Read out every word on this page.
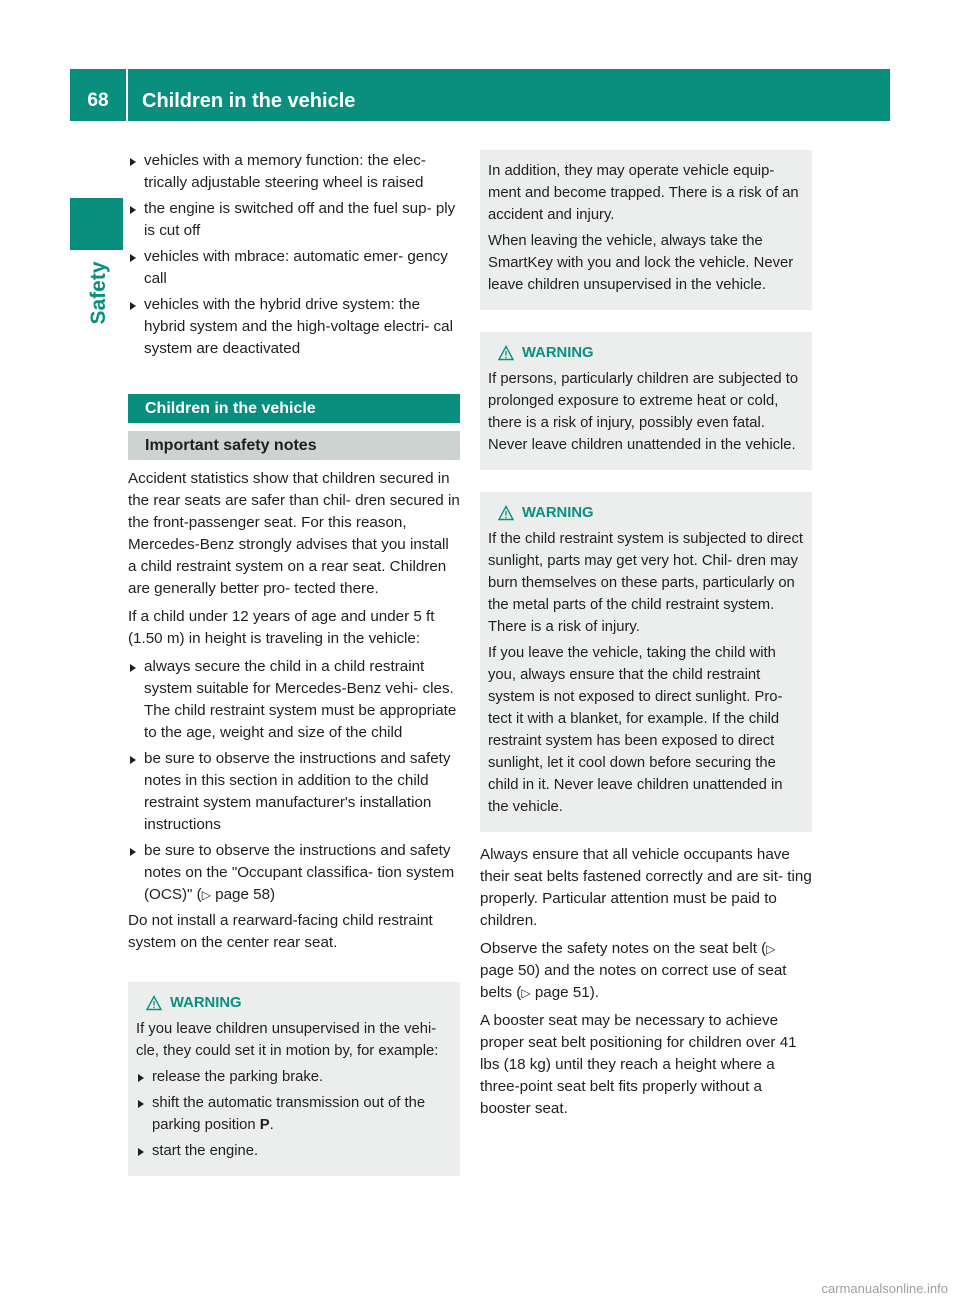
68	Children in the vehicle
Safety
vehicles with a memory function: the elec- trically adjustable steering wheel is raised
the engine is switched off and the fuel sup- ply is cut off
vehicles with mbrace: automatic emer- gency call
vehicles with the hybrid drive system: the hybrid system and the high-voltage electri- cal system are deactivated
Children in the vehicle
Important safety notes

Accident statistics show that children secured in the rear seats are safer than chil- dren secured in the front-passenger seat. For this reason, Mercedes-Benz strongly advises that you install a child restraint system on a rear seat. Children are generally better pro- tected there.

If a child under 12 years of age and under 5 ft (1.50 m) in height is traveling in the vehicle:

always secure the child in a child restraint system suitable for Mercedes-Benz vehi- cles. The child restraint system must be appropriate to the age, weight and size of the child
be sure to observe the instructions and safety notes in this section in addition to the child restraint system manufacturer's installation instructions
be sure to observe the instructions and safety notes on the "Occupant classifica- tion system (OCS)" (▷ page 58)

Do not install a rearward-facing child restraint system on the center rear seat.

WARNING

If you leave children unsupervised in the vehi- cle, they could set it in motion by, for example:

release the parking brake.
shift the automatic transmission out of the parking position P.
start the engine.

In addition, they may operate vehicle equip- ment and become trapped. There is a risk of an accident and injury.

When leaving the vehicle, always take the SmartKey with you and lock the vehicle. Never leave children unsupervised in the vehicle.

WARNING

If persons, particularly children are subjected to prolonged exposure to extreme heat or cold, there is a risk of injury, possibly even fatal. Never leave children unattended in the vehicle.

WARNING

If the child restraint system is subjected to direct sunlight, parts may get very hot. Chil- dren may burn themselves on these parts, particularly on the metal parts of the child restraint system. There is a risk of injury.

If you leave the vehicle, taking the child with you, always ensure that the child restraint system is not exposed to direct sunlight. Pro- tect it with a blanket, for example. If the child restraint system has been exposed to direct sunlight, let it cool down before securing the child in it. Never leave children unattended in the vehicle.

Always ensure that all vehicle occupants have their seat belts fastened correctly and are sit- ting properly. Particular attention must be paid to children.

Observe the safety notes on the seat belt (▷ page 50) and the notes on correct use of seat belts (▷ page 51).

A booster seat may be necessary to achieve proper seat belt positioning for children over 41 lbs (18 kg) until they reach a height where a three-point seat belt fits properly without a booster seat.

carmanualsonline.info
